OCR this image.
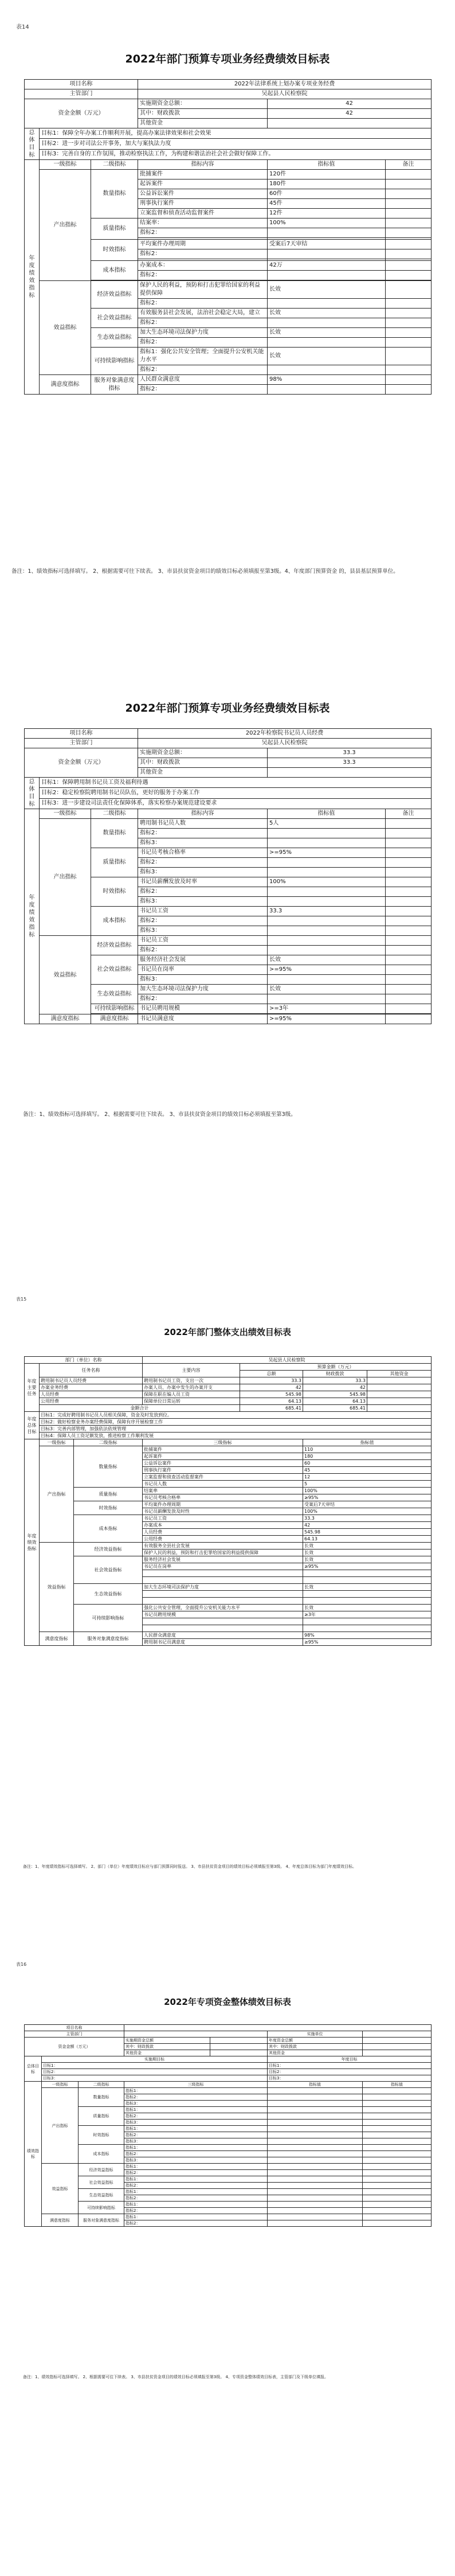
表14
2022年部门预算专项业务经费绩效目标表
项目名称			2022年法律系统上划办案专项业务经费			
主管部门			吴起县人民检察院			
资金金额（万元）			实施期资金总额：		42	
			其中：财政拨款		42	
			其他资金			
总体目标	目标1：保障全年办案工作顺利开展，提高办案法律效果和社会效果					
	目标2：进一步对司法公开事务，加大与案执法力度					
	目标3：完善自身的工作氛围，推动检察执法工作，为构建和谐法治社会社会做好保障工作。					
年度绩效指标	一级指标	二级指标	指标内容		指标值	备注
	产出指标	数量指标	批捕案件		120件	
			起诉案件		180件	
			公益诉讼案件		60件	
			刑事执行案件		45件	
			立案监督和侦查活动监督案件		12件	
		质量指标	结案率：		100%	
			指标2：			

		时效指标	平均案件办理周期		受案后7天审结	
			指标2：			

		成本指标	办案成本：		42万	
			指标2：			

	效益指标	经济效益指标	保护人民的利益，预防和打击犯罪给国家的利益提供保障		长效	
			指标2：			
		社会效益指标	有效服务县社会发展，法治社会稳定大局，建立		长效	
			指标2：			
		生态效益指标	加大生态环境司法保护力度		长效	
			指标2：			
		可持续影响指标	指标1：强化公共安全管理；全面提升公安机关能力水平		长效	
			指标2：			
	满意度指标	服务对象满意度指标	人民群众满意度		98%	
			指标2：			
备注：1、绩效指标可选择填写。 2、根据需要可往下续表。 3、市县扶贫资金项目的绩效目标必须填报至第3级。4、年度部门预算资金 的，县县基层预算单位。
2022年部门预算专项业务经费绩效目标表
项目名称			2022年检察院书记员人员经费			
主管部门			吴起县人民检察院			
资金金额（万元）			实施期资金总额：		33.3	
			其中：财政拨款		33.3	
			其他资金			
总体目标	目标1：保障聘用制书记员工资及福利待遇					
	目标2：稳定检察院聘用制书记员队伍，更好的服务于办案工作					
	目标3：进一步建设司法责任化保障体系，落实检察办案规范建设要求					
年度绩效指标	一级指标	二级指标	指标内容		指标值	备注
	产出指标	数量指标	聘用制书记员人数		5人	
			指标2：			
			指标3：			
		质量指标	书记员考核合格率		>=95%	
			指标2：			
			指标3：			
		时效指标	书记员薪酬发放及时率		100%	
			指标2：			
			指标3：			
		成本指标	书记员工资		33.3	
			指标2：			
			指标3：			
	效益指标	经济效益指标	书记员工资			
			指标2：			
		社会效益指标	服务经济社会发展		长效	
			书记员在岗率		>=95%	
			指标3：			
		生态效益指标	加大生态环境司法保护力度		长效	
			指标2：			
		可持续影响指标	书记员聘用规模		>=3年	

	满意度指标	满意度指标	书记员满意度		>=95%	
备注：1、绩效指标可选择填写。 2、根据需要可往下续表。 3、市县扶贫资金项目的绩效目标必须填报至第3级。
表15
2022年部门整体支出绩效目标表
部门（单位）名称			吴起县人民检察院			
年度主要任务	任务名称		主要内容	预算金额（万元）		
				总额	财政拨款	其他资金
	聘用制书记员人员经费		聘用制书记员工资，支出一次	33.3	33.3	
	办案业务经费		办案人员、办案中发生的办案开支	42	42	
	人员经费		保障在职在编人员工资	545.98	545.98	
	公用经费		保障单位日常运转	64.13	64.13	
	金额合计			685.41	685.41	
年度总体目标	目标1：完成好聘用制书记员人员相关保障，资金及时发放到位。					
	目标2：做好检察业务办案经费保障，保障有序开展检察工作					
	目标3：完善内部管理，加强依法依规管理					
	目标4：保障人员工资足额发放，推进检察工作顺利发展					
年度绩效指标	一级指标	二级指标	三级指标		指标值	
	产出指标	数量指标	批捕案件		110	
			起诉案件		180	
			公益诉讼案件		60	
			刑事执行案件		45	
			立案监督和侦查活动监督案件		12	
			书记员人数		5	
		质量指标	结案率		100%	
			书记员考核合格率		≥95%	
		时效指标	平均案件办理周期		受案后7天审结	
			书记员薪酬发放及时性		100%	
		成本指标	书记员工资		33.3	
			办案成本		42	
			人员经费		545.98	
			公用经费		64.13	
	效益指标	经济效益指标	有效服务全县社会发展		长效	
			保护人民的利益，预防和打击犯罪给国家的利益提供保障		长效	
		社会效益指标	服务经济社会发展		长效	
			书记员在岗率		≥95%	

		生态效益指标	加大生态环境司法保护力度		长效	

		可持续影响指标	强化公共安全管理，全面提升公安机关能力水平		长效	
			书记员聘用规模		≥3年	

	满意度指标	服务对象满意度指标	人民群众满意度		98%	
			聘用制书记员满意度		≥95%	
备注：1、年度绩效指标可选择填写。 2、部门（单位）年度绩效目标应与部门预算同时报送。 3、市县扶贫资金项目的绩效目标必须填报至第3级。 4、年度总体目标为部门年度绩效目标。
表16
2022年专项资金整体绩效目标表
项目名称						
主管部门					实施单位	
资金金额（万元）			实施期资金总额		年度资金总额	
			其中：财政拨款		其中：财政拨款	
			其他资金		其他资金	
总体目标	实施期目标				年度目标	
	目标1：				目标1：	
	目标2：				目标2：	
	目标3：				目标3：	
绩效指标	一级指标	二级指标	三级指标		指标值	指标值
	产出指标	数量指标	指标1：			
			指标2：			
			指标3：			
		质量指标	指标1：			
			指标2：			
			指标3：			
		时效指标	指标1：			
			指标2：			
			指标3：			
		成本指标	指标1：			
			指标2：			
			指标3：			
	效益指标	经济效益指标	指标1：			
			指标2：			
		社会效益指标	指标1：			
			指标2：			
		生态效益指标	指标1：			
			指标2：			
		可持续影响指标	指标1：			
			指标2：			
	满意度指标	服务对象满意度指标	指标1：			
			指标2：			
备注：1、绩效指标可选择填写。 2、根据需要可往下续表。 3、市县扶贫资金项目的绩效目标必须填报至第3级。 4、专项资金整体绩效目标表，主管部门及下级单位填报。
